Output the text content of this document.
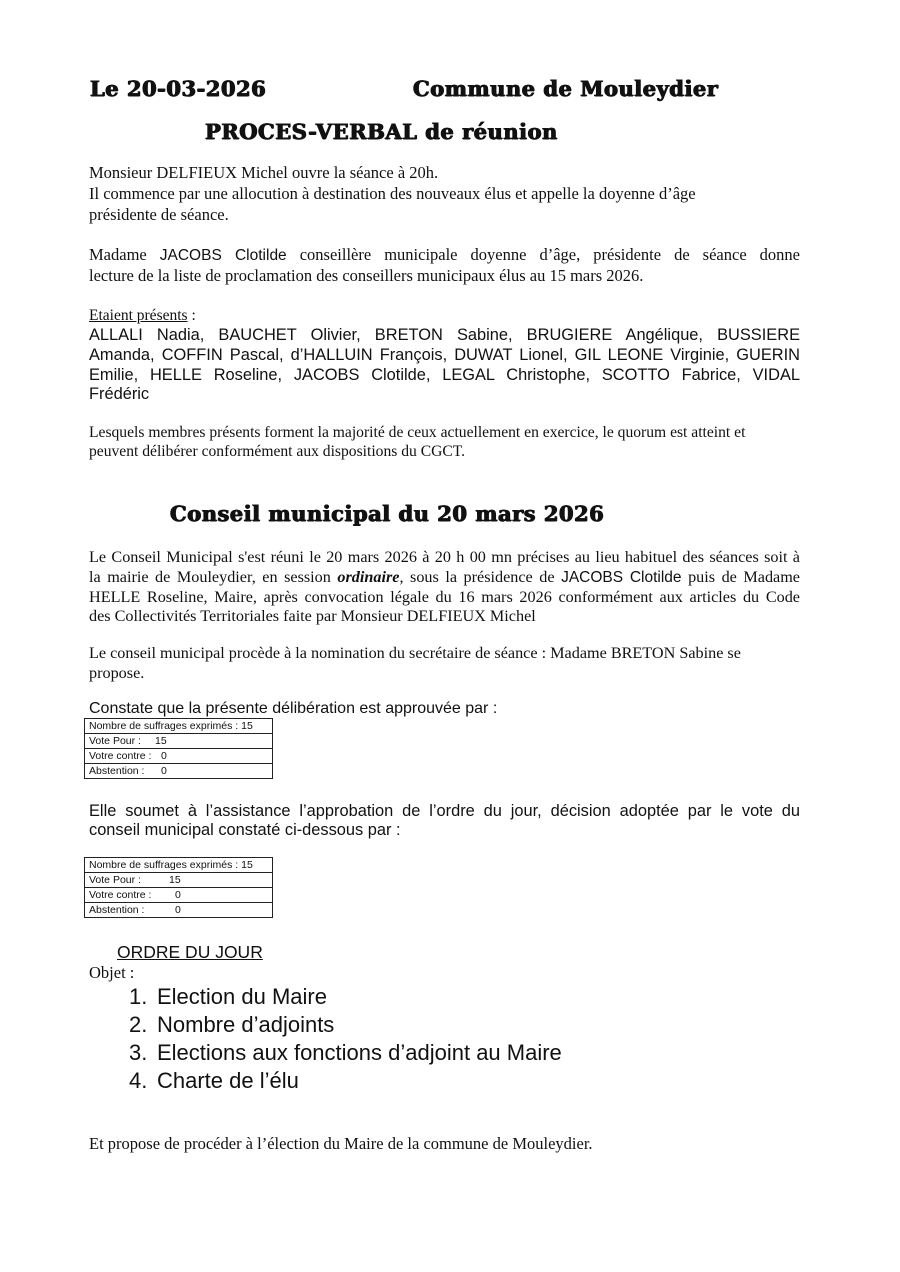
Le 20-03-2026	Commune de Mouleydier
PROCES-VERBAL de réunion
Monsieur DELFIEUX Michel ouvre la séance à 20h.
Il commence par une allocution à destination des nouveaux élus et appelle la doyenne d’âge
présidente de séance.
Madame JACOBS Clotilde conseillère municipale doyenne d’âge, présidente de séance donne
lecture de la liste de proclamation des conseillers municipaux élus au 15 mars 2026.
Etaient présents :
ALLALI Nadia, BAUCHET Olivier, BRETON Sabine, BRUGIERE Angélique, BUSSIERE
Amanda, COFFIN Pascal, d’HALLUIN François, DUWAT Lionel, GIL LEONE Virginie, GUERIN
Emilie, HELLE Roseline, JACOBS Clotilde, LEGAL Christophe, SCOTTO Fabrice, VIDAL
Frédéric
Lesquels membres présents forment la majorité de ceux actuellement en exercice, le quorum est atteint et
peuvent délibérer conformément aux dispositions du CGCT.
Conseil municipal du 20 mars 2026
Le Conseil Municipal s'est réuni le 20 mars 2026 à 20 h 00 mn précises au lieu habituel des séances soit à
la mairie de Mouleydier, en session ordinaire, sous la présidence de JACOBS Clotilde puis de Madame
HELLE Roseline, Maire, après convocation légale du 16 mars 2026 conformément aux articles du Code
des Collectivités Territoriales faite par Monsieur DELFIEUX Michel
Le conseil municipal procède à la nomination du secrétaire de séance : Madame BRETON Sabine se
propose.
Constate que la présente délibération est approuvée par :
Nombre de suffrages exprimés : 15
Vote Pour : 15
Votre contre : 0
Abstention : 0
Elle soumet à l’assistance l’approbation de l’ordre du jour, décision adoptée par le vote du
conseil municipal constaté ci-dessous par :
Nombre de suffrages exprimés : 15
Vote Pour :	15
Votre contre : 0
Abstention :	0
ORDRE DU JOUR
Objet :
1. Election du Maire
2. Nombre d’adjoints
3. Elections aux fonctions d’adjoint au Maire
4. Charte de l’élu
Et propose de procéder à l’élection du Maire de la commune de Mouleydier.
